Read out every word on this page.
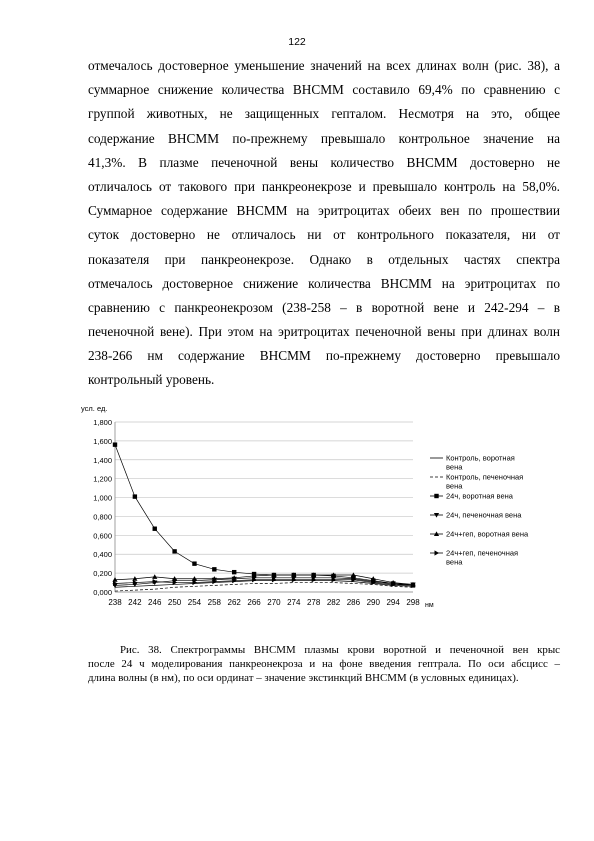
122
отмечалось достоверное уменьшение значений на всех длинах волн (рис. 38), а
суммарное снижение количества ВНСММ составило 69,4% по сравнению с
группой животных, не защищенных гепталом. Несмотря на это, общее
содержание ВНСММ по-прежнему превышало контрольное значение на
41,3%. В плазме печеночной вены количество ВНСММ достоверно не
отличалось от такового при панкреонекрозе и превышало контроль на 58,0%.
Суммарное содержание ВНСММ на эритроцитах обеих вен по прошествии
суток достоверно не отличалось ни от контрольного показателя, ни от
показателя при панкреонекрозе. Однако в отдельных частях спектра
отмечалось достоверное снижение количества ВНСММ на эритроцитах по
сравнению с панкреонекрозом (238-258 – в воротной вене и 242-294 – в
печеночной вене). При этом на эритроцитах печеночной вены при длинах волн
238-266 нм содержание ВНСММ по-прежнему достоверно превышало
контрольный уровень.
0,000
0,200
0,400
0,600
0,800
1,000
1,200
1,400
1,600
1,800
238 242 246 250 254 258 262 266 270 274 278 282 286 290 294 298 нм
усл. ед.
Контроль, воротная вена
Контроль, печеночная вена
24ч, воротная вена
24ч, печеночная вена
24ч+геп, воротная вена
24ч+геп, печеночная вена
Рис. 38. Спектрограммы ВНСММ плазмы крови воротной и печеночной вен крыс
после 24 ч моделирования панкреонекроза и на фоне введения гептрала. По оси абсцисс –
длина волны (в нм), по оси ординат – значение экстинкций ВНСММ (в условных единицах).
